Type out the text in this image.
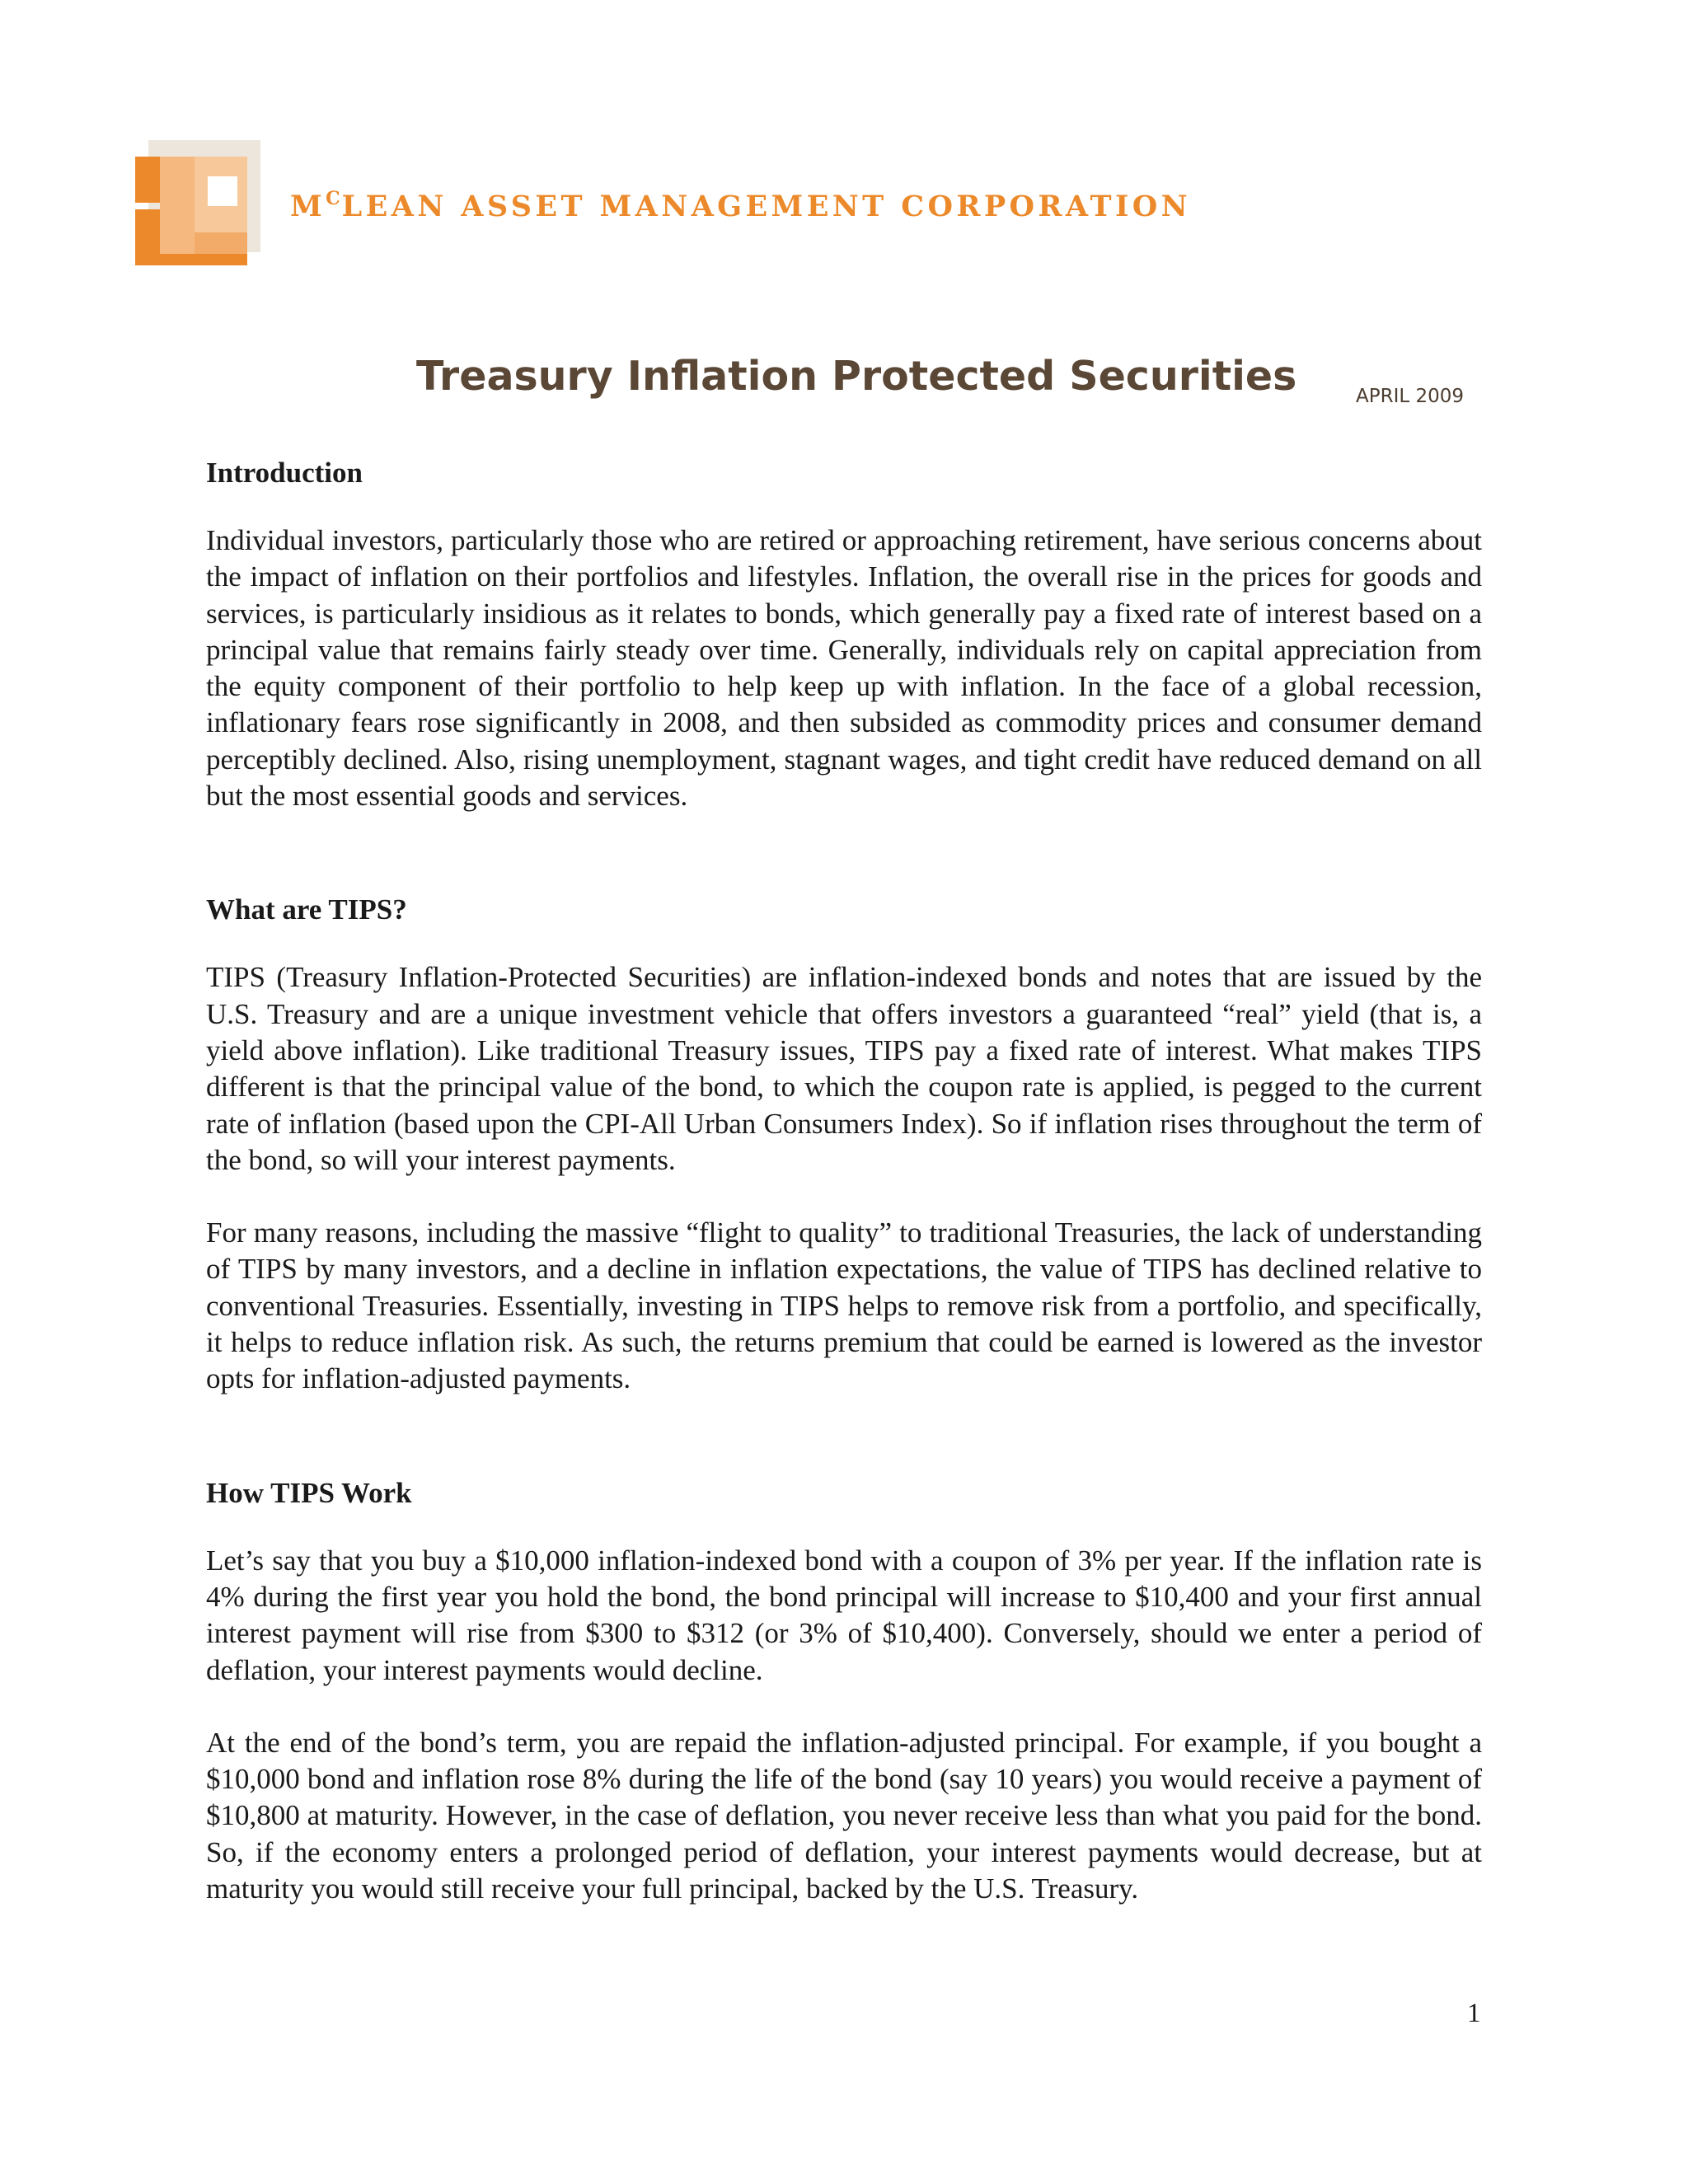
$M^CLEAN$ ASSET MANAGEMENT CORPORATION
Treasury Inflation Protected Securities	APRIL 2009
Introduction

Individual investors, particularly those who are retired or approaching retirement, have serious concerns about the impact of inflation on their portfolios and lifestyles. Inflation, the overall rise in the prices for goods and services, is particularly insidious as it relates to bonds, which generally pay a fixed rate of interest based on a principal value that remains fairly steady over time. Generally, individuals rely on capital appreciation from the equity component of their portfolio to help keep up with inflation. In the face of a global recession, inflationary fears rose significantly in 2008, and then subsided as commodity prices and consumer demand perceptibly declined. Also, rising unemployment, stagnant wages, and tight credit have reduced demand on all but the most essential goods and services.

What are TIPS?

TIPS (Treasury Inflation-Protected Securities) are inflation-indexed bonds and notes that are issued by the U.S. Treasury and are a unique investment vehicle that offers investors a guaranteed “real” yield (that is, a yield above inflation). Like traditional Treasury issues, TIPS pay a fixed rate of interest. What makes TIPS different is that the principal value of the bond, to which the coupon rate is applied, is pegged to the current rate of inflation (based upon the CPI-All Urban Consumers Index). So if inflation rises throughout the term of the bond, so will your interest payments.

For many reasons, including the massive “flight to quality” to traditional Treasuries, the lack of understanding of TIPS by many investors, and a decline in inflation expectations, the value of TIPS has declined relative to conventional Treasuries. Essentially, investing in TIPS helps to remove risk from a portfolio, and specifically, it helps to reduce inflation risk. As such, the returns premium that could be earned is lowered as the investor opts for inflation-adjusted payments.

How TIPS Work

Let’s say that you buy a $10,000 inflation-indexed bond with a coupon of 3% per year. If the inflation rate is 4% during the first year you hold the bond, the bond principal will increase to $10,400 and your first annual interest payment will rise from $300 to $312 (or 3% of $10,400). Conversely, should we enter a period of deflation, your interest payments would decline.

At the end of the bond’s term, you are repaid the inflation-adjusted principal. For example, if you bought a $10,000 bond and inflation rose 8% during the life of the bond (say 10 years) you would receive a payment of $10,800 at maturity. However, in the case of deflation, you never receive less than what you paid for the bond. So, if the economy enters a prolonged period of deflation, your interest payments would decrease, but at maturity you would still receive your full principal, backed by the U.S. Treasury.

1
